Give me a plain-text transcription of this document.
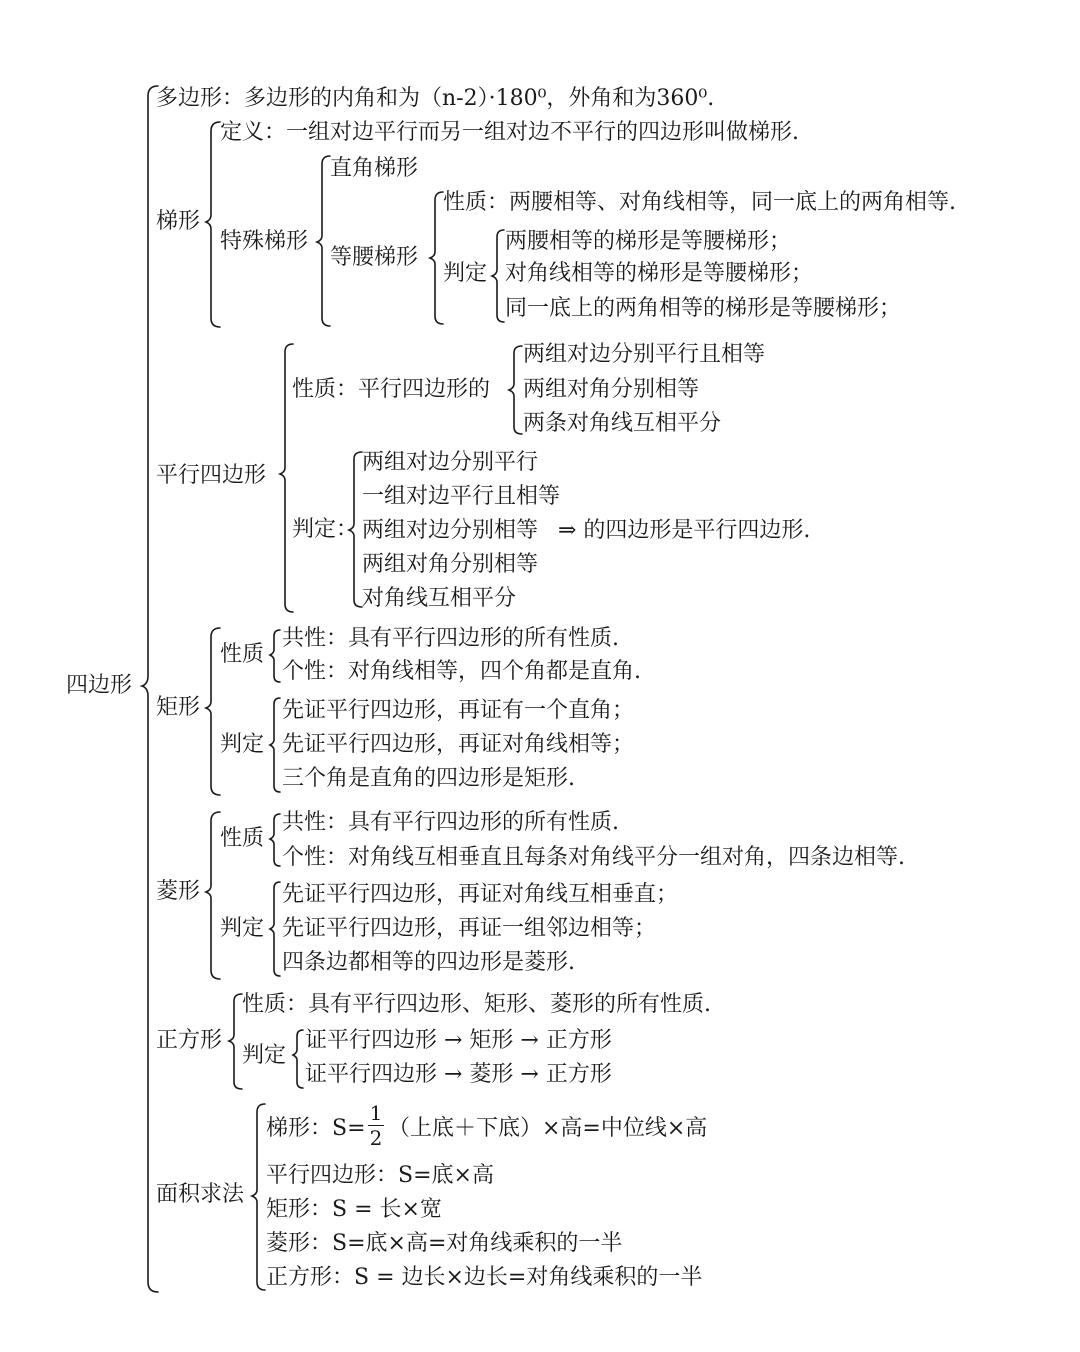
四边形
多边形：多边形的内角和为（n-2）·180⁰，外角和为360⁰.
梯形
定义：一组对边平行而另一组对边不平行的四边形叫做梯形.
特殊梯形
直角梯形
等腰梯形
性质：两腰相等、对角线相等，同一底上的两角相等.
判定
两腰相等的梯形是等腰梯形；
对角线相等的梯形是等腰梯形；
同一底上的两角相等的梯形是等腰梯形；
平行四边形
性质：平行四边形的
两组对边分别平行且相等
两组对角分别相等
两条对角线互相平分
判定：
两组对边分别平行
一组对边平行且相等
两组对边分别相等 ⇒ 的四边形是平行四边形.
两组对角分别相等
对角线互相平分
矩形
性质
共性：具有平行四边形的所有性质.
个性：对角线相等，四个角都是直角.
判定
先证平行四边形，再证有一个直角；
先证平行四边形，再证对角线相等；
三个角是直角的四边形是矩形.
菱形
性质
共性：具有平行四边形的所有性质.
个性：对角线互相垂直且每条对角线平分一组对角，四条边相等.
判定
先证平行四边形，再证对角线互相垂直；
先证平行四边形，再证一组邻边相等；
四条边都相等的四边形是菱形.
正方形
性质：具有平行四边形、矩形、菱形的所有性质.
判定
证平行四边形 → 矩形 → 正方形
证平行四边形 → 菱形 → 正方形
面积求法
梯形：S=
1
2 （上底＋下底）×高=中位线×高
平行四边形：S=底×高
矩形：S = 长×宽
菱形：S=底×高=对角线乘积的一半
正方形：S = 边长×边长=对角线乘积的一半
